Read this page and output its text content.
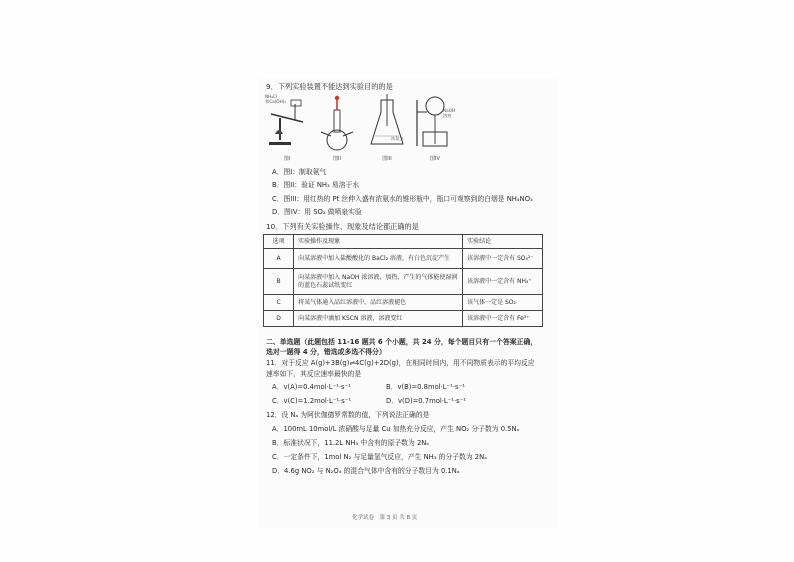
9．下列实验装置不能达到实验目的的是
NH₄Cl
和Ca(OH)₂
图I	图II
浓氨水
图III
NaOH
溶液
图IV
A．图I：制取氨气
B．图II：验证 NH₃ 易溶于水
C．图III：用红热的 Pt 丝伸入盛有浓氨水的锥形瓶中，瓶口可观察到的白烟是 NH₄NO₃
D．图IV：用 SO₂ 做喷泉实验
10．下列有关实验操作、现象及结论都正确的是
选项	实验操作及现象	实验结论
A	向某溶液中加入盐酸酸化的 BaCl₂ 溶液，有白色沉淀产生	该溶液中一定含有 SO₄²⁻
B	向某溶液中加入 NaOH 浓溶液，加热，产生的气体能使湿润的蓝色石蕊试纸变红	该溶液中一定含有 NH₄⁺
C	将某气体通入品红溶液中，品红溶液褪色	该气体一定是 SO₂
D	向某溶液中滴加 KSCN 溶液，溶液变红	该溶液中一定含有 Fe³⁺
二、单选题（此题包括 11-16 题共 6 个小题，共 24 分，每个题目只有一个答案正确，选对一题得 4 分，错选或多选不得分）
11．对于反应 A(g)+3B(g)⇌4C(g)+2D(g)，在相同时间内，用不同物质表示的平均反应
速率如下，其反应速率最快的是
A．v(A)=0.4mol·L⁻¹·s⁻¹	B．v(B)=0.8mol·L⁻¹·s⁻¹
C．v(C)=1.2mol·L⁻¹·s⁻¹	D．v(D)=0.7mol·L⁻¹·s⁻¹
12．设 Nₐ 为阿伏伽德罗常数的值，下列说法正确的是
A．100mL 10mol/L 浓硝酸与足量 Cu 加热充分反应，产生 NO₂ 分子数为 0.5Nₐ
B．标准状况下，11.2L NH₃ 中含有的原子数为 2Nₐ
C．一定条件下，1mol N₂ 与足量氢气反应，产生 NH₃ 的分子数为 2Nₐ
D．4.6g NO₂ 与 N₂O₄ 的混合气体中含有的分子数目为 0.1Nₐ
化学试卷　第 3 页 共 8 页
